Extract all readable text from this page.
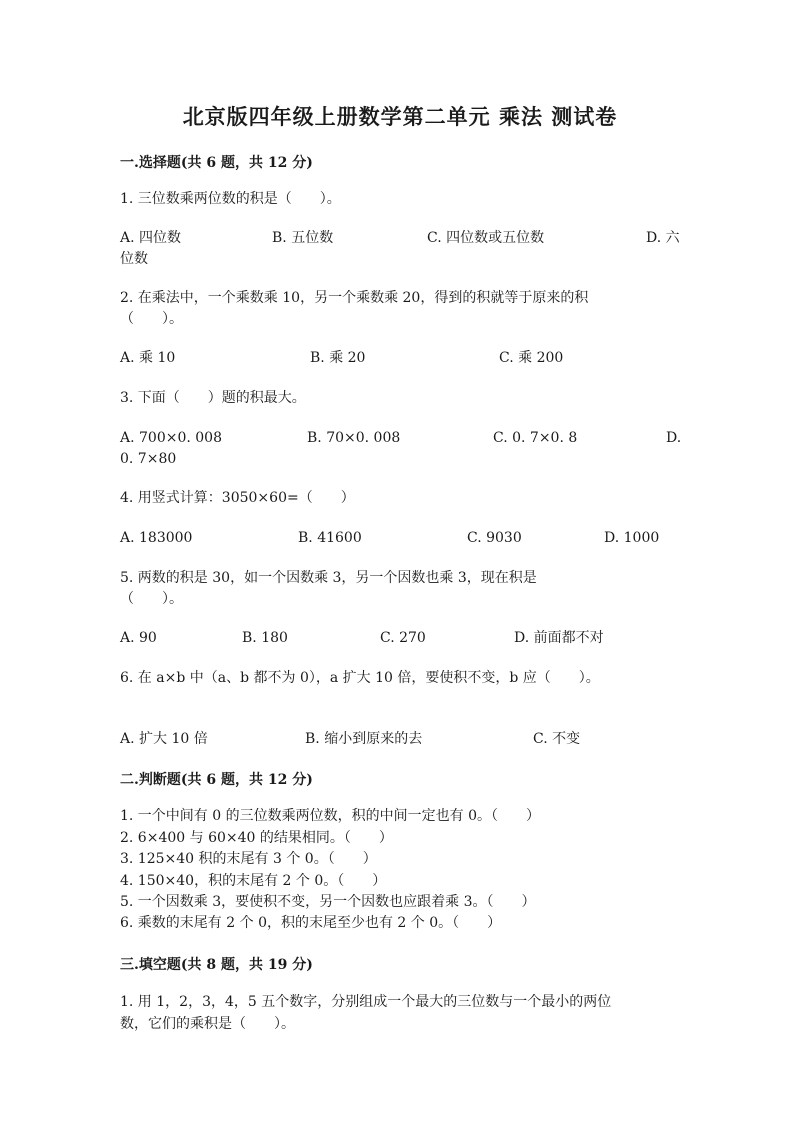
北京版四年级上册数学第二单元 乘法 测试卷
一.选择题(共 6 题，共 12 分)
1. 三位数乘两位数的积是（　　）。
A. 四位数	B. 五位数	C. 四位数或五位数	D. 六
位数
2. 在乘法中，一个乘数乘 10，另一个乘数乘 20，得到的积就等于原来的积
（　　）。
A. 乘 10	B. 乘 20	C. 乘 200
3. 下面（　　）题的积最大。
A. 700×0. 008	B. 70×0. 008	C. 0. 7×0. 8	D.
0. 7×80
4. 用竖式计算：3050×60=（　　）
A. 183000	B. 41600	C. 9030	D. 1000
5. 两数的积是 30，如一个因数乘 3，另一个因数也乘 3，现在积是
（　　）。
A. 90	B. 180	C. 270	D. 前面都不对
6. 在 a×b 中（a、b 都不为 0），a 扩大 10 倍，要使积不变，b 应（　　）。
A. 扩大 10 倍	B. 缩小到原来的去	C. 不变
二.判断题(共 6 题，共 12 分)
1. 一个中间有 0 的三位数乘两位数，积的中间一定也有 0。（　　）
2. 6×400 与 60×40 的结果相同。（　　）
3. 125×40 积的末尾有 3 个 0。（　　）
4. 150×40，积的末尾有 2 个 0。（　　）
5. 一个因数乘 3，要使积不变，另一个因数也应跟着乘 3。（　　）
6. 乘数的末尾有 2 个 0，积的末尾至少也有 2 个 0。（　　）
三.填空题(共 8 题，共 19 分)
1. 用 1，2，3，4，5 五个数字，分别组成一个最大的三位数与一个最小的两位
数，它们的乘积是（　　）。
